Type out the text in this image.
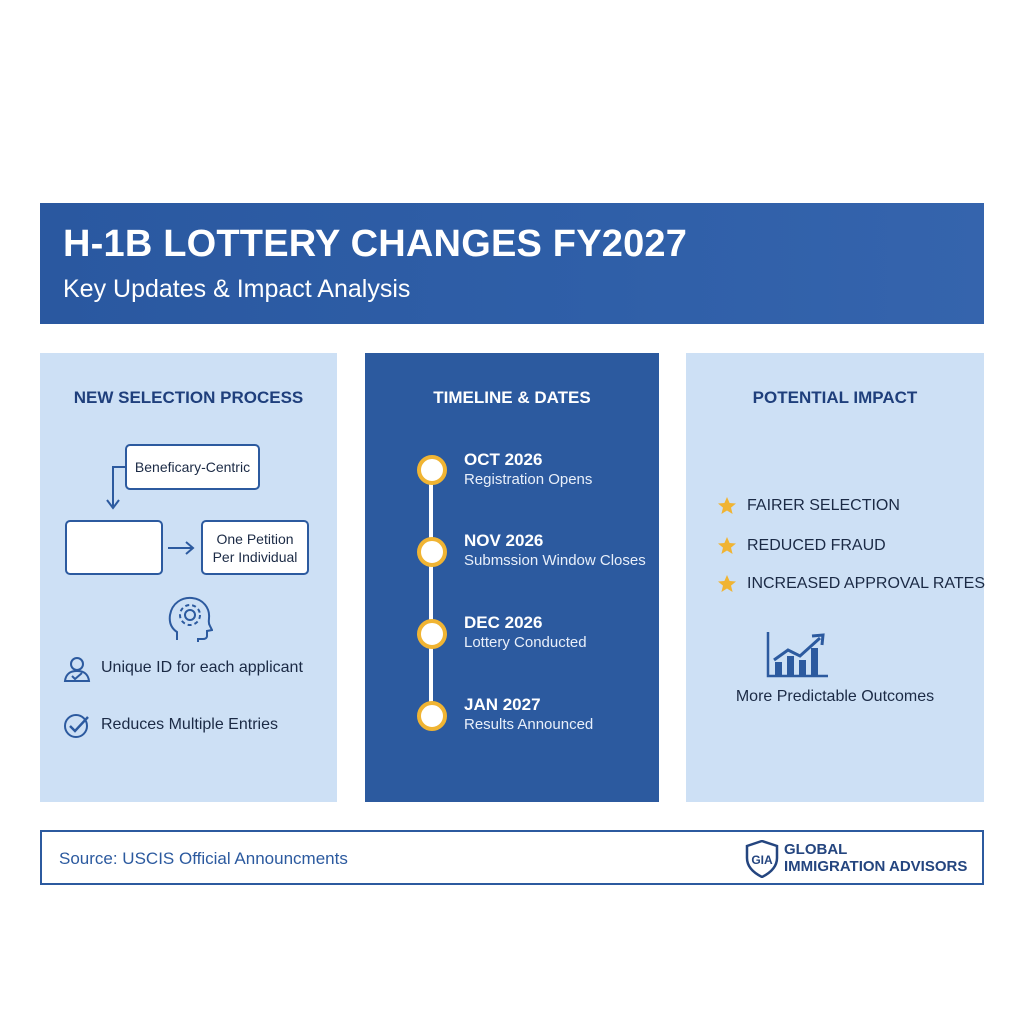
H-1B LOTTERY CHANGES FY2027
Key Updates & Impact Analysis
NEW SELECTION PROCESS
Beneficary-Centric
One Petition
Per Individual
Unique ID for each applicant
Reduces Multiple Entries
TIMELINE & DATES
OCT 2026
Registration Opens
NOV 2026
Submssion Window Closes
DEC 2026
Lottery Conducted
JAN 2027
Results Announced
POTENTIAL IMPACT
FAIRER SELECTION
REDUCED FRAUD
INCREASED APPROVAL RATES
More Predictable Outcomes
Source: USCIS Official Announcments	GIA
GLOBAL
IMMIGRATION ADVISORS
